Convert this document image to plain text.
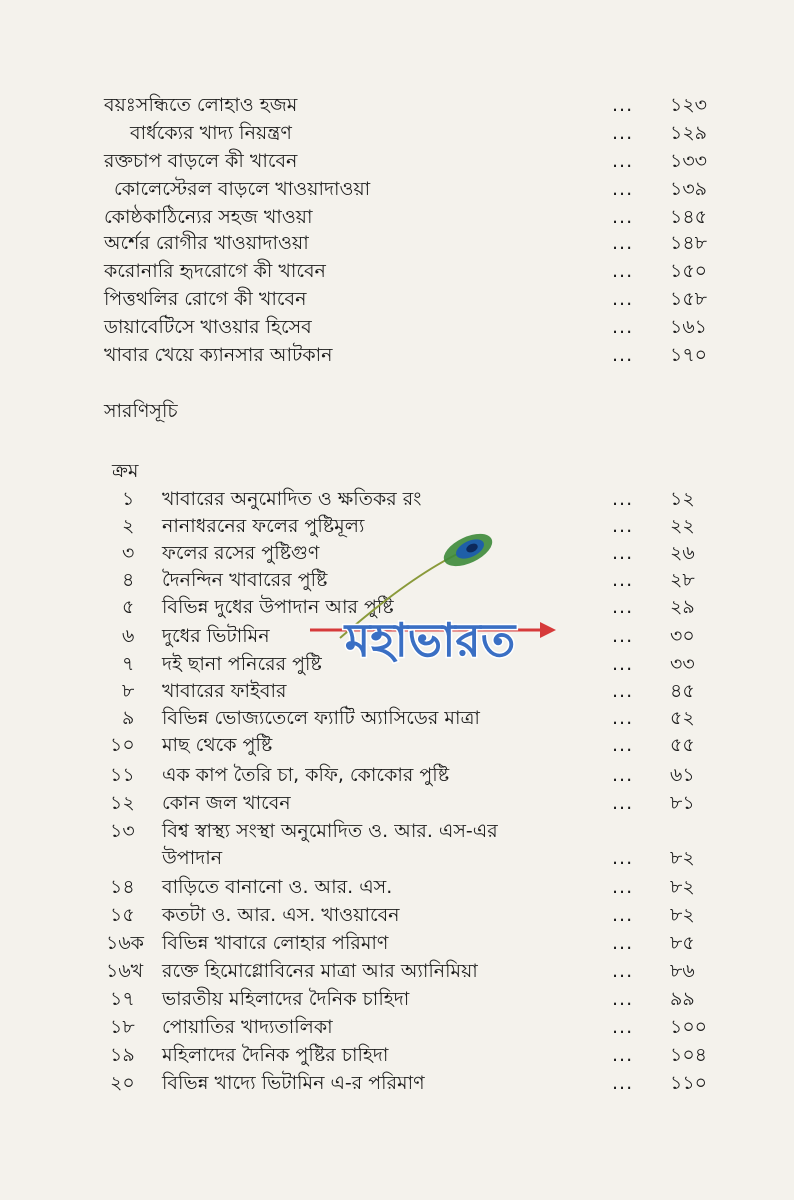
বয়ঃসন্ধিতে লোহাও হজম	... ১২৩
বার্ধক্যের খাদ্য নিয়ন্ত্রণ	... ১২৯
রক্তচাপ বাড়লে কী খাবেন	... ১৩৩
কোলেস্টেরল বাড়লে খাওয়াদাওয়া	... ১৩৯
কোষ্ঠকাঠিন্যের সহজ খাওয়া	... ১৪৫
অর্শের রোগীর খাওয়াদাওয়া	... ১৪৮
করোনারি হৃদরোগে কী খাবেন	... ১৫০
পিত্তথলির রোগে কী খাবেন	... ১৫৮
ডায়াবেটিসে খাওয়ার হিসেব	... ১৬১
খাবার খেয়ে ক্যানসার আটকান	... ১৭০
সারণিসূচি
ক্রম
১ খাবারের অনুমোদিত ও ক্ষতিকর রং	... ১২
২ নানাধরনের ফলের পুষ্টিমূল্য	... ২২
৩ ফলের রসের পুষ্টিগুণ	... ২৬
৪ দৈনন্দিন খাবারের পুষ্টি	... ২৮
৫ বিভিন্ন দুধের উপাদান আর পুষ্টি	... ২৯
৬ দুধের ভিটামিন	... ৩০
৭ দই ছানা পনিরের পুষ্টি	... ৩৩
৮ খাবারের ফাইবার	... ৪৫
৯ বিভিন্ন ভোজ্যতেলে ফ্যাটি অ্যাসিডের মাত্রা	... ৫২
১০ মাছ থেকে পুষ্টি	... ৫৫
১১ এক কাপ তৈরি চা, কফি, কোকোর পুষ্টি	... ৬১
১২ কোন জল খাবেন	... ৮১
১৩ বিশ্ব স্বাস্থ্য সংস্থা অনুমোদিত ও. আর. এস-এর
উপাদান	... ৮২
১৪ বাড়িতে বানানো ও. আর. এস.	... ৮২
১৫ কতটা ও. আর. এস. খাওয়াবেন	... ৮২
১৬ক বিভিন্ন খাবারে লোহার পরিমাণ	... ৮৫
১৬খ রক্তে হিমোগ্লোবিনের মাত্রা আর অ্যানিমিয়া	... ৮৬
১৭ ভারতীয় মহিলাদের দৈনিক চাহিদা	... ৯৯
১৮ পোয়াতির খাদ্যতালিকা	... ১০০
১৯ মহিলাদের দৈনিক পুষ্টির চাহিদা	... ১০৪
২০ বিভিন্ন খাদ্যে ভিটামিন এ-র পরিমাণ	... ১১০
মহাভারত
